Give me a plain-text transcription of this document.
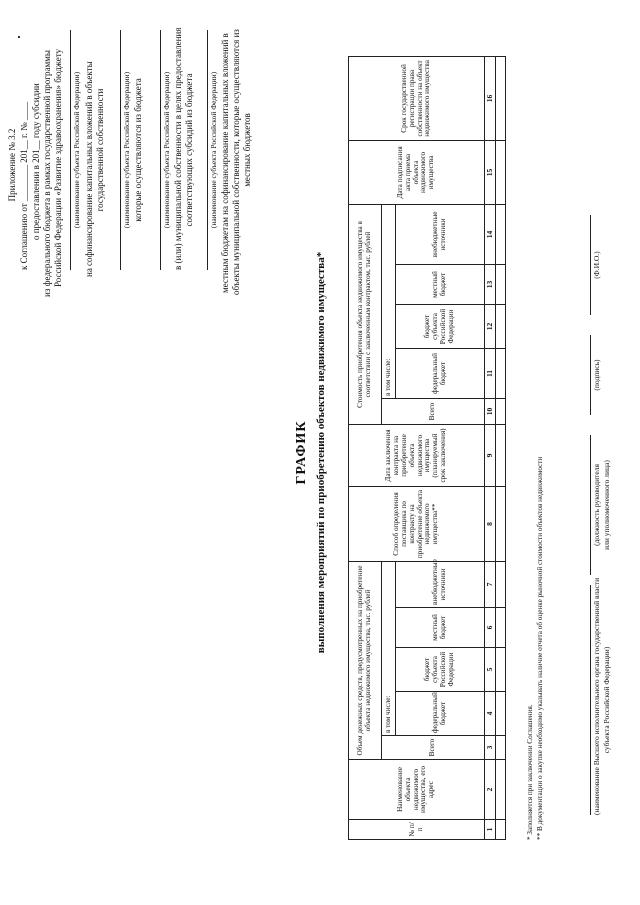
Приложение № 3.2 к Соглашению от ________ 201__ г. № ____ о предоставлении в 201__ году субсидии из федерального бюджета в рамках государственной программы Российской Федерации «Развитие здравоохранения» бюджету (наименование субъекта Российской Федерации) на софинансирование капитальных вложений в объекты государственной собственности (наименование субъекта Российской Федерации) которые осуществляются из бюджета	(наименование субъекта Российской Федерации) в (или) муниципальной собственности в целях предоставления соответствующих субсидий из бюджета (наименование субъекта Российской Федерации) местным бюджетам на софинансирование капитальных вложений в объекты муниципальной собственности, которые осуществляются из местных бюджетов
ГРАФИК выполнения мероприятий по приобретению объектов недвижимого имущества*
№ п/п	Наименование объекта недвижимого имущества, его адрес	Объем денежных средств, предусмотренных на приобретение объекта недвижимого имущества, тыс. рублей					Способ определения поставщика по контракту на приобретение объекта недвижимого имущества**	Дата заключения контракта на приобретение объекта недвижимого имущества (планируемый срок заключения)	Стоимость приобретения объекта недвижимого имущества в соответствии с заключенным контрактом, тыс. рублей					Дата подписания акта приема объекта недвижимого имущества	Срок государственной регистрации права собственности на объект недвижимого имущества
		Всего	в том числе:						Всего	в том числе:					
			федеральный бюджет	бюджет субъекта Российской Федерации	местный бюджет	внебюджетные источники				федеральный бюджет	бюджет субъекта Российской Федерации	местный бюджет	внебюджетные источники		
1	2	3	4	5	6	7	8	9	10	11	12	13	14	15	16

* Заполняется при заключении Соглашения. ** В документации о закупке необходимо указывать наличие отчета об оценке рыночной стоимости объектов недвижимости	(наименование Высшего исполнительного органа государственной власти субъекта Российской Федерации)
(должность руководителя или уполномоченного лица)
(подпись)
(Ф.И.О.)
